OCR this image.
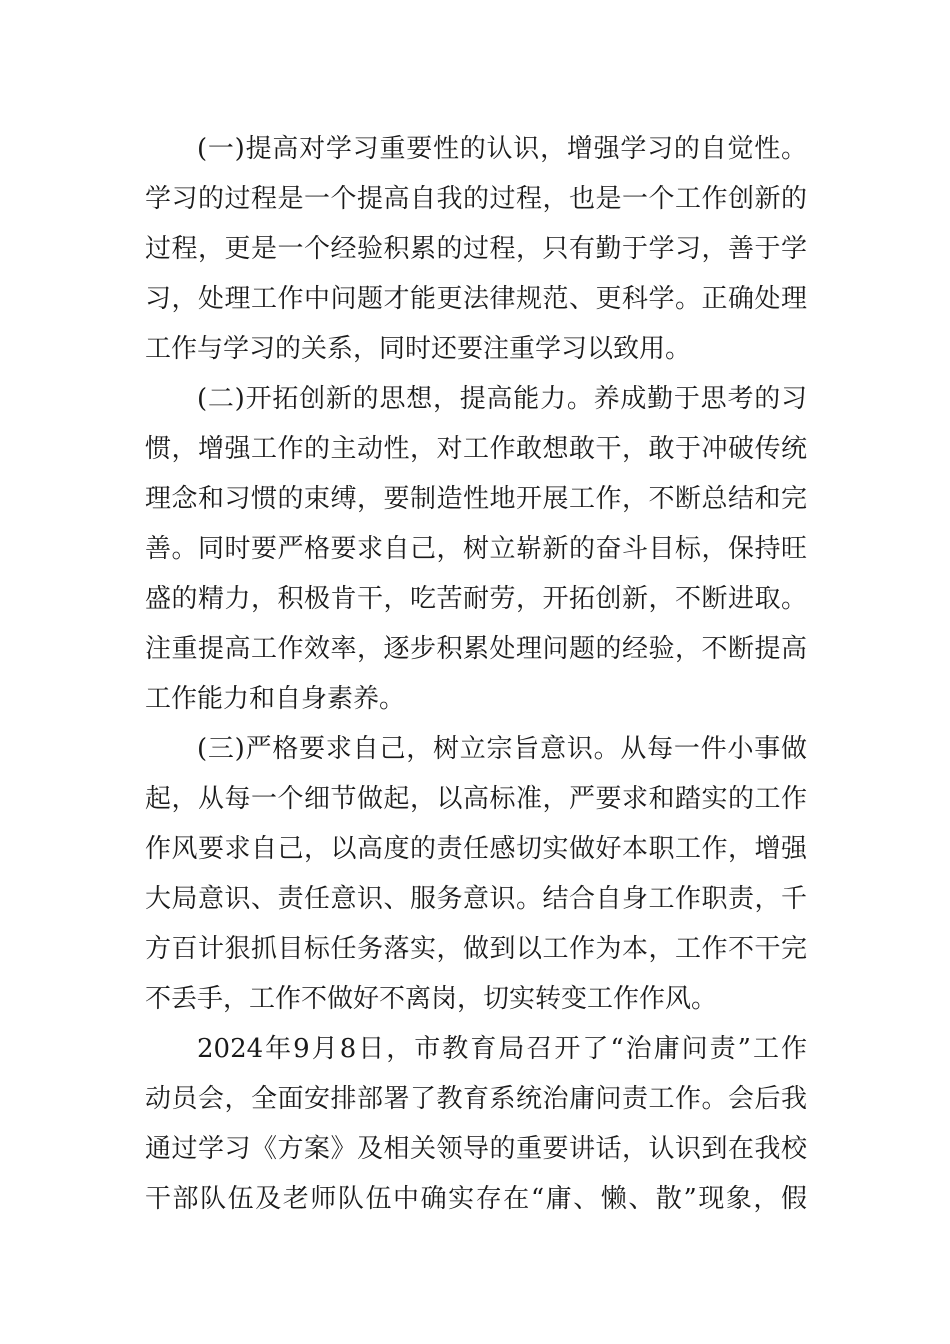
(一)提高对学习重要性的认识，增强学习的自觉性。
学习的过程是一个提高自我的过程，也是一个工作创新的
过程，更是一个经验积累的过程，只有勤于学习，善于学
习，处理工作中问题才能更法律规范、更科学。正确处理
工作与学习的关系，同时还要注重学习以致用。
(二)开拓创新的思想，提高能力。养成勤于思考的习
惯，增强工作的主动性，对工作敢想敢干，敢于冲破传统
理念和习惯的束缚，要制造性地开展工作，不断总结和完
善。同时要严格要求自己，树立崭新的奋斗目标，保持旺
盛的精力，积极肯干，吃苦耐劳，开拓创新，不断进取。
注重提高工作效率，逐步积累处理问题的经验，不断提高
工作能力和自身素养。
(三)严格要求自己，树立宗旨意识。从每一件小事做
起，从每一个细节做起，以高标准，严要求和踏实的工作
作风要求自己，以高度的责任感切实做好本职工作，增强
大局意识、责任意识、服务意识。结合自身工作职责，千
方百计狠抓目标任务落实，做到以工作为本，工作不干完
不丢手，工作不做好不离岗，切实转变工作作风。
2024年9月8日，市教育局召开了“治庸问责”工作
动员会，全面安排部署了教育系统治庸问责工作。会后我
通过学习《方案》及相关领导的重要讲话，认识到在我校
干部队伍及老师队伍中确实存在“庸、懒、散”现象，假
